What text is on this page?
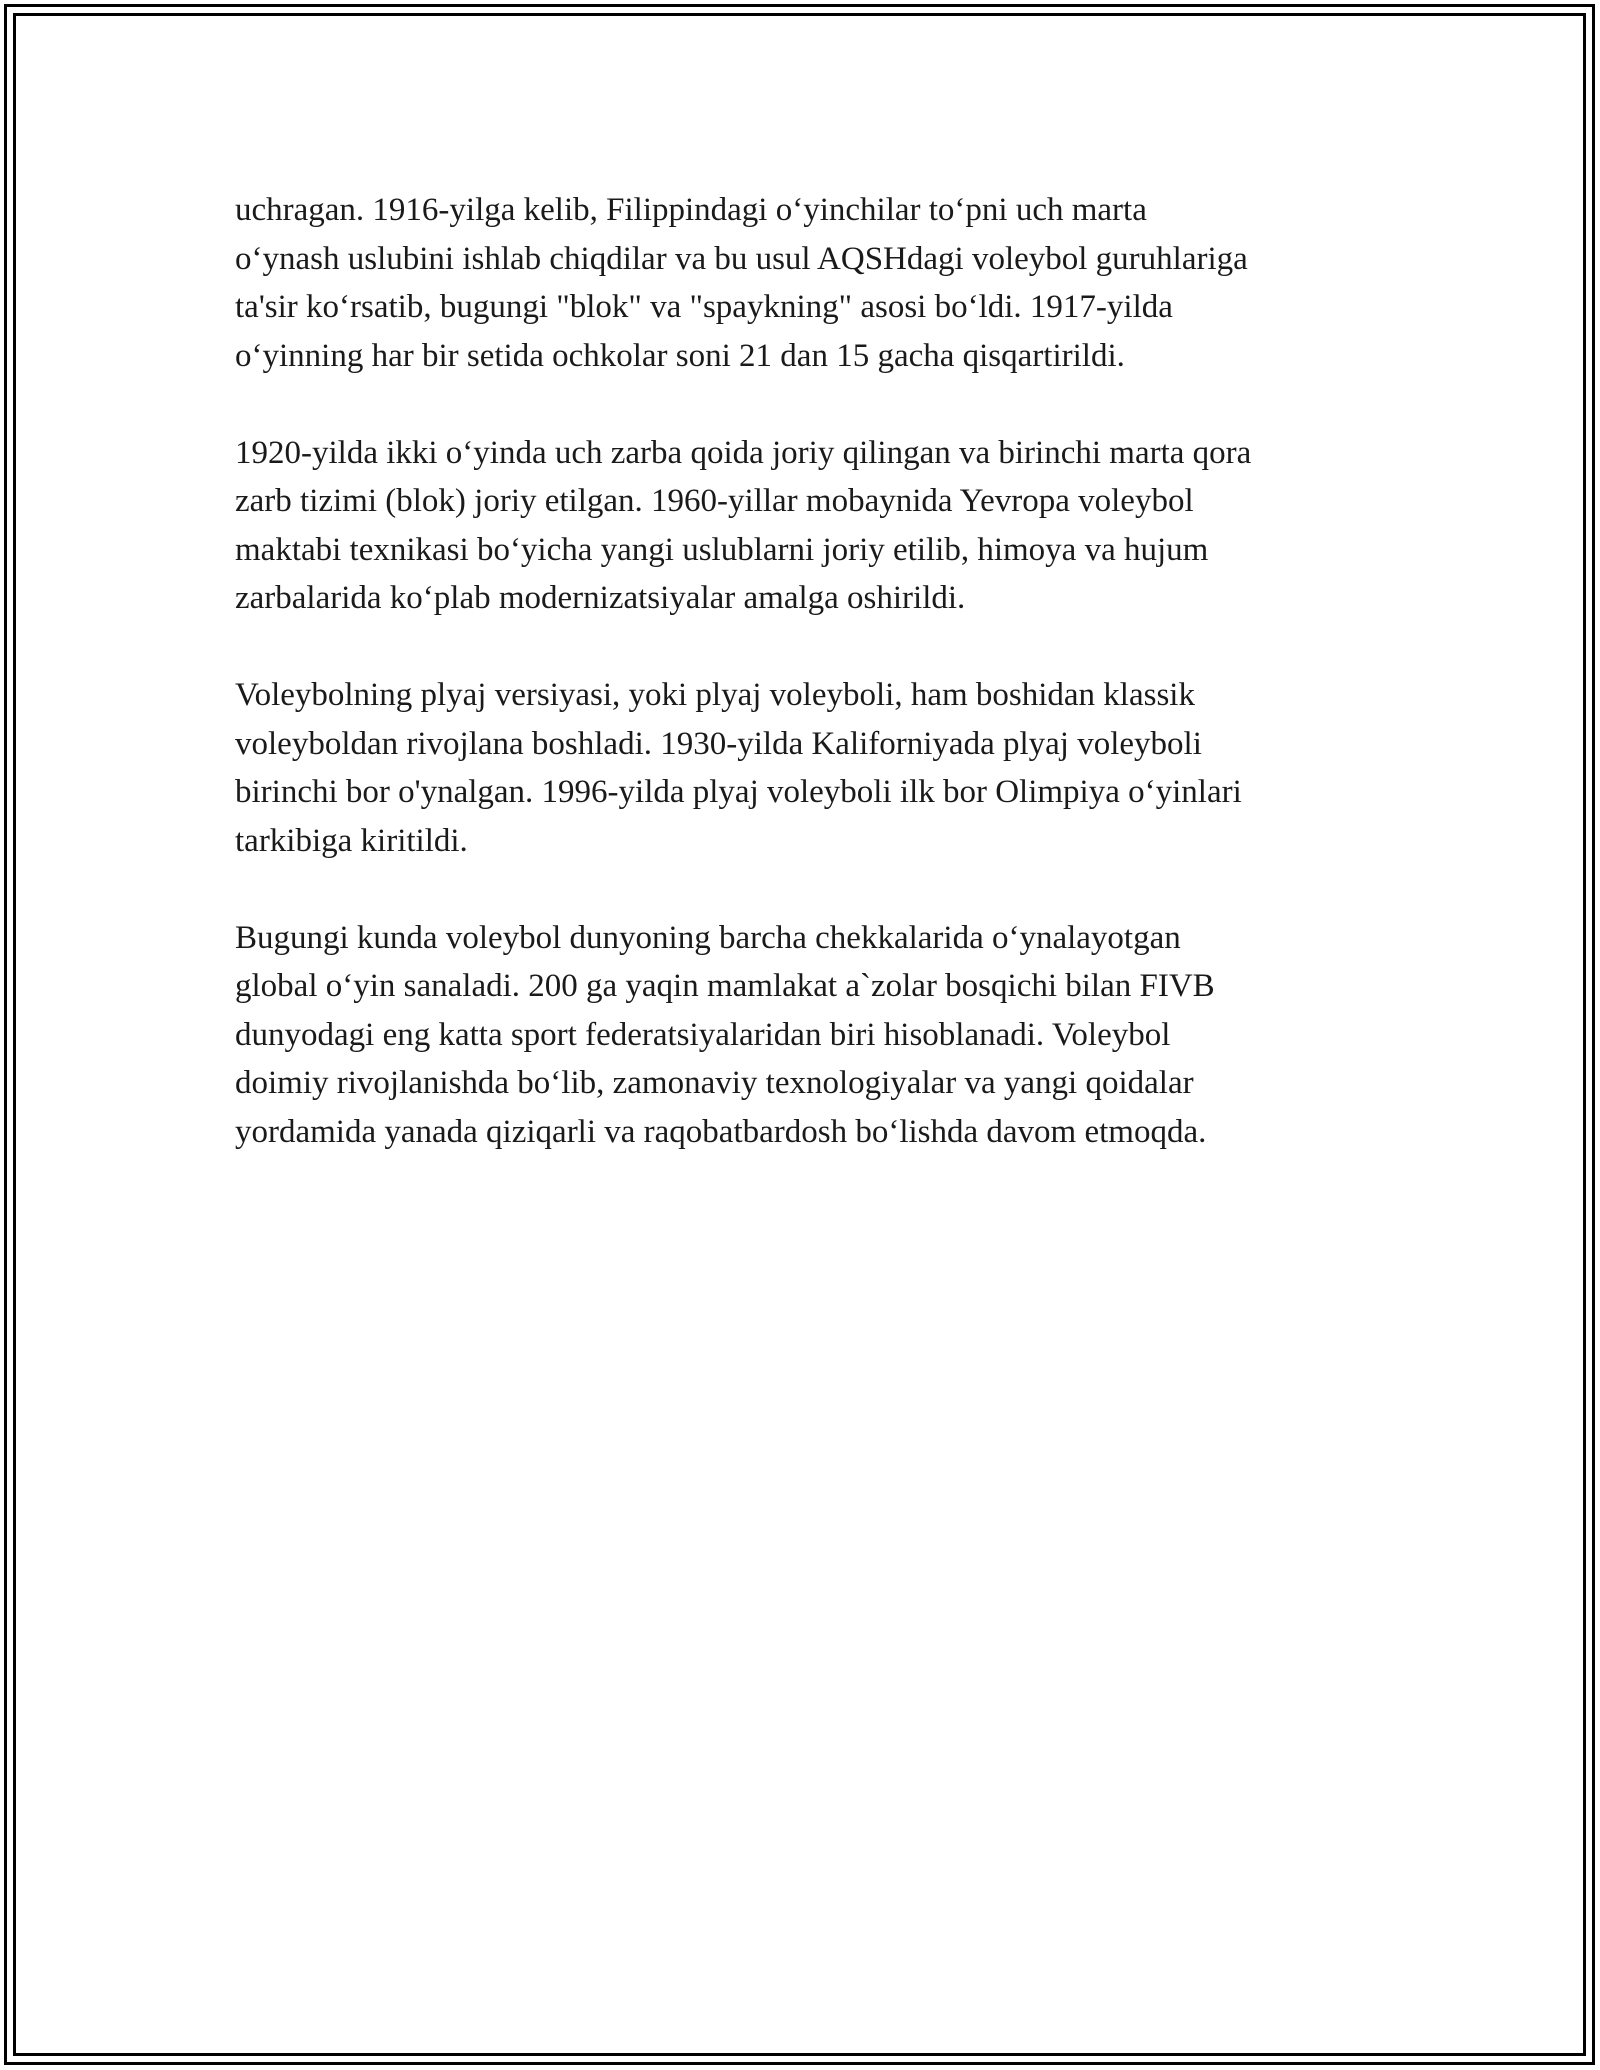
uchragan. 1916-yilga kelib, Filippindagi o‘yinchilar to‘pni uch marta
o‘ynash uslubini ishlab chiqdilar va bu usul AQSHdagi voleybol guruhlariga
ta'sir ko‘rsatib, bugungi "blok" va "spaykning" asosi bo‘ldi. 1917-yilda
o‘yinning har bir setida ochkolar soni 21 dan 15 gacha qisqartirildi.

1920-yilda ikki o‘yinda uch zarba qoida joriy qilingan va birinchi marta qora
zarb tizimi (blok) joriy etilgan. 1960-yillar mobaynida Yevropa voleybol
maktabi texnikasi bo‘yicha yangi uslublarni joriy etilib, himoya va hujum
zarbalarida ko‘plab modernizatsiyalar amalga oshirildi.

Voleybolning plyaj versiyasi, yoki plyaj voleyboli, ham boshidan klassik
voleyboldan rivojlana boshladi. 1930-yilda Kaliforniyada plyaj voleyboli
birinchi bor o'ynalgan. 1996-yilda plyaj voleyboli ilk bor Olimpiya o‘yinlari
tarkibiga kiritildi.

Bugungi kunda voleybol dunyoning barcha chekkalarida o‘ynalayotgan
global o‘yin sanaladi. 200 ga yaqin mamlakat a`zolar bosqichi bilan FIVB
dunyodagi eng katta sport federatsiyalaridan biri hisoblanadi. Voleybol
doimiy rivojlanishda bo‘lib, zamonaviy texnologiyalar va yangi qoidalar
yordamida yanada qiziqarli va raqobatbardosh bo‘lishda davom etmoqda.
